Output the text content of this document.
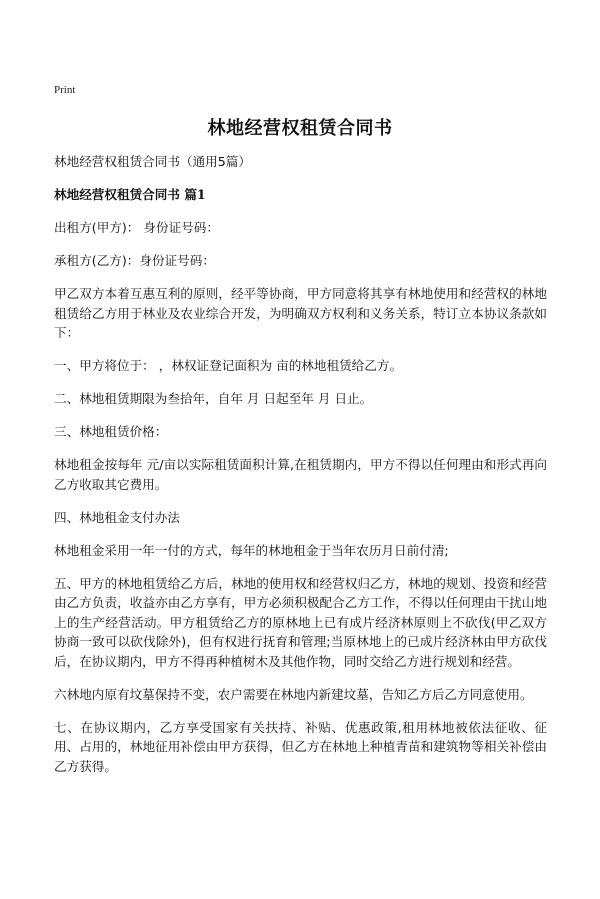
Print
林地经营权租赁合同书

林地经营权租赁合同书（通用5篇）

林地经营权租赁合同书 篇1

出租方(甲方)： 身份证号码：

承租方(乙方)：身份证号码：

甲乙双方本着互惠互利的原则，经平等协商，甲方同意将其享有林地使用和经营权的林地租赁给乙方用于林业及农业综合开发，为明确双方权利和义务关系，特订立本协议条款如下：

一、甲方将位于： ，林权证登记面积为 亩的林地租赁给乙方。

二、林地租赁期限为叁拾年，自年 月 日起至年 月 日止。

三、林地租赁价格：

林地租金按每年 元/亩以实际租赁面积计算,在租赁期内，甲方不得以任何理由和形式再向乙方收取其它费用。

四、林地租金支付办法

林地租金采用一年一付的方式，每年的林地租金于当年农历月日前付清;

五、甲方的林地租赁给乙方后，林地的使用权和经营权归乙方，林地的规划、投资和经营由乙方负责，收益亦由乙方享有，甲方必须积极配合乙方工作，不得以任何理由干扰山地上的生产经营活动。甲方租赁给乙方的原林地上已有成片经济林原则上不砍伐(甲乙双方协商一致可以砍伐除外)，但有权进行抚育和管理;当原林地上的已成片经济林由甲方砍伐后，在协议期内，甲方不得再种植树木及其他作物，同时交给乙方进行规划和经营。

六林地内原有坟墓保持不变，农户需要在林地内新建坟墓，告知乙方后乙方同意使用。

七、在协议期内，乙方享受国家有关扶持、补贴、优惠政策,租用林地被依法征收、征用、占用的，林地征用补偿由甲方获得，但乙方在林地上种植青苗和建筑物等相关补偿由乙方获得。
